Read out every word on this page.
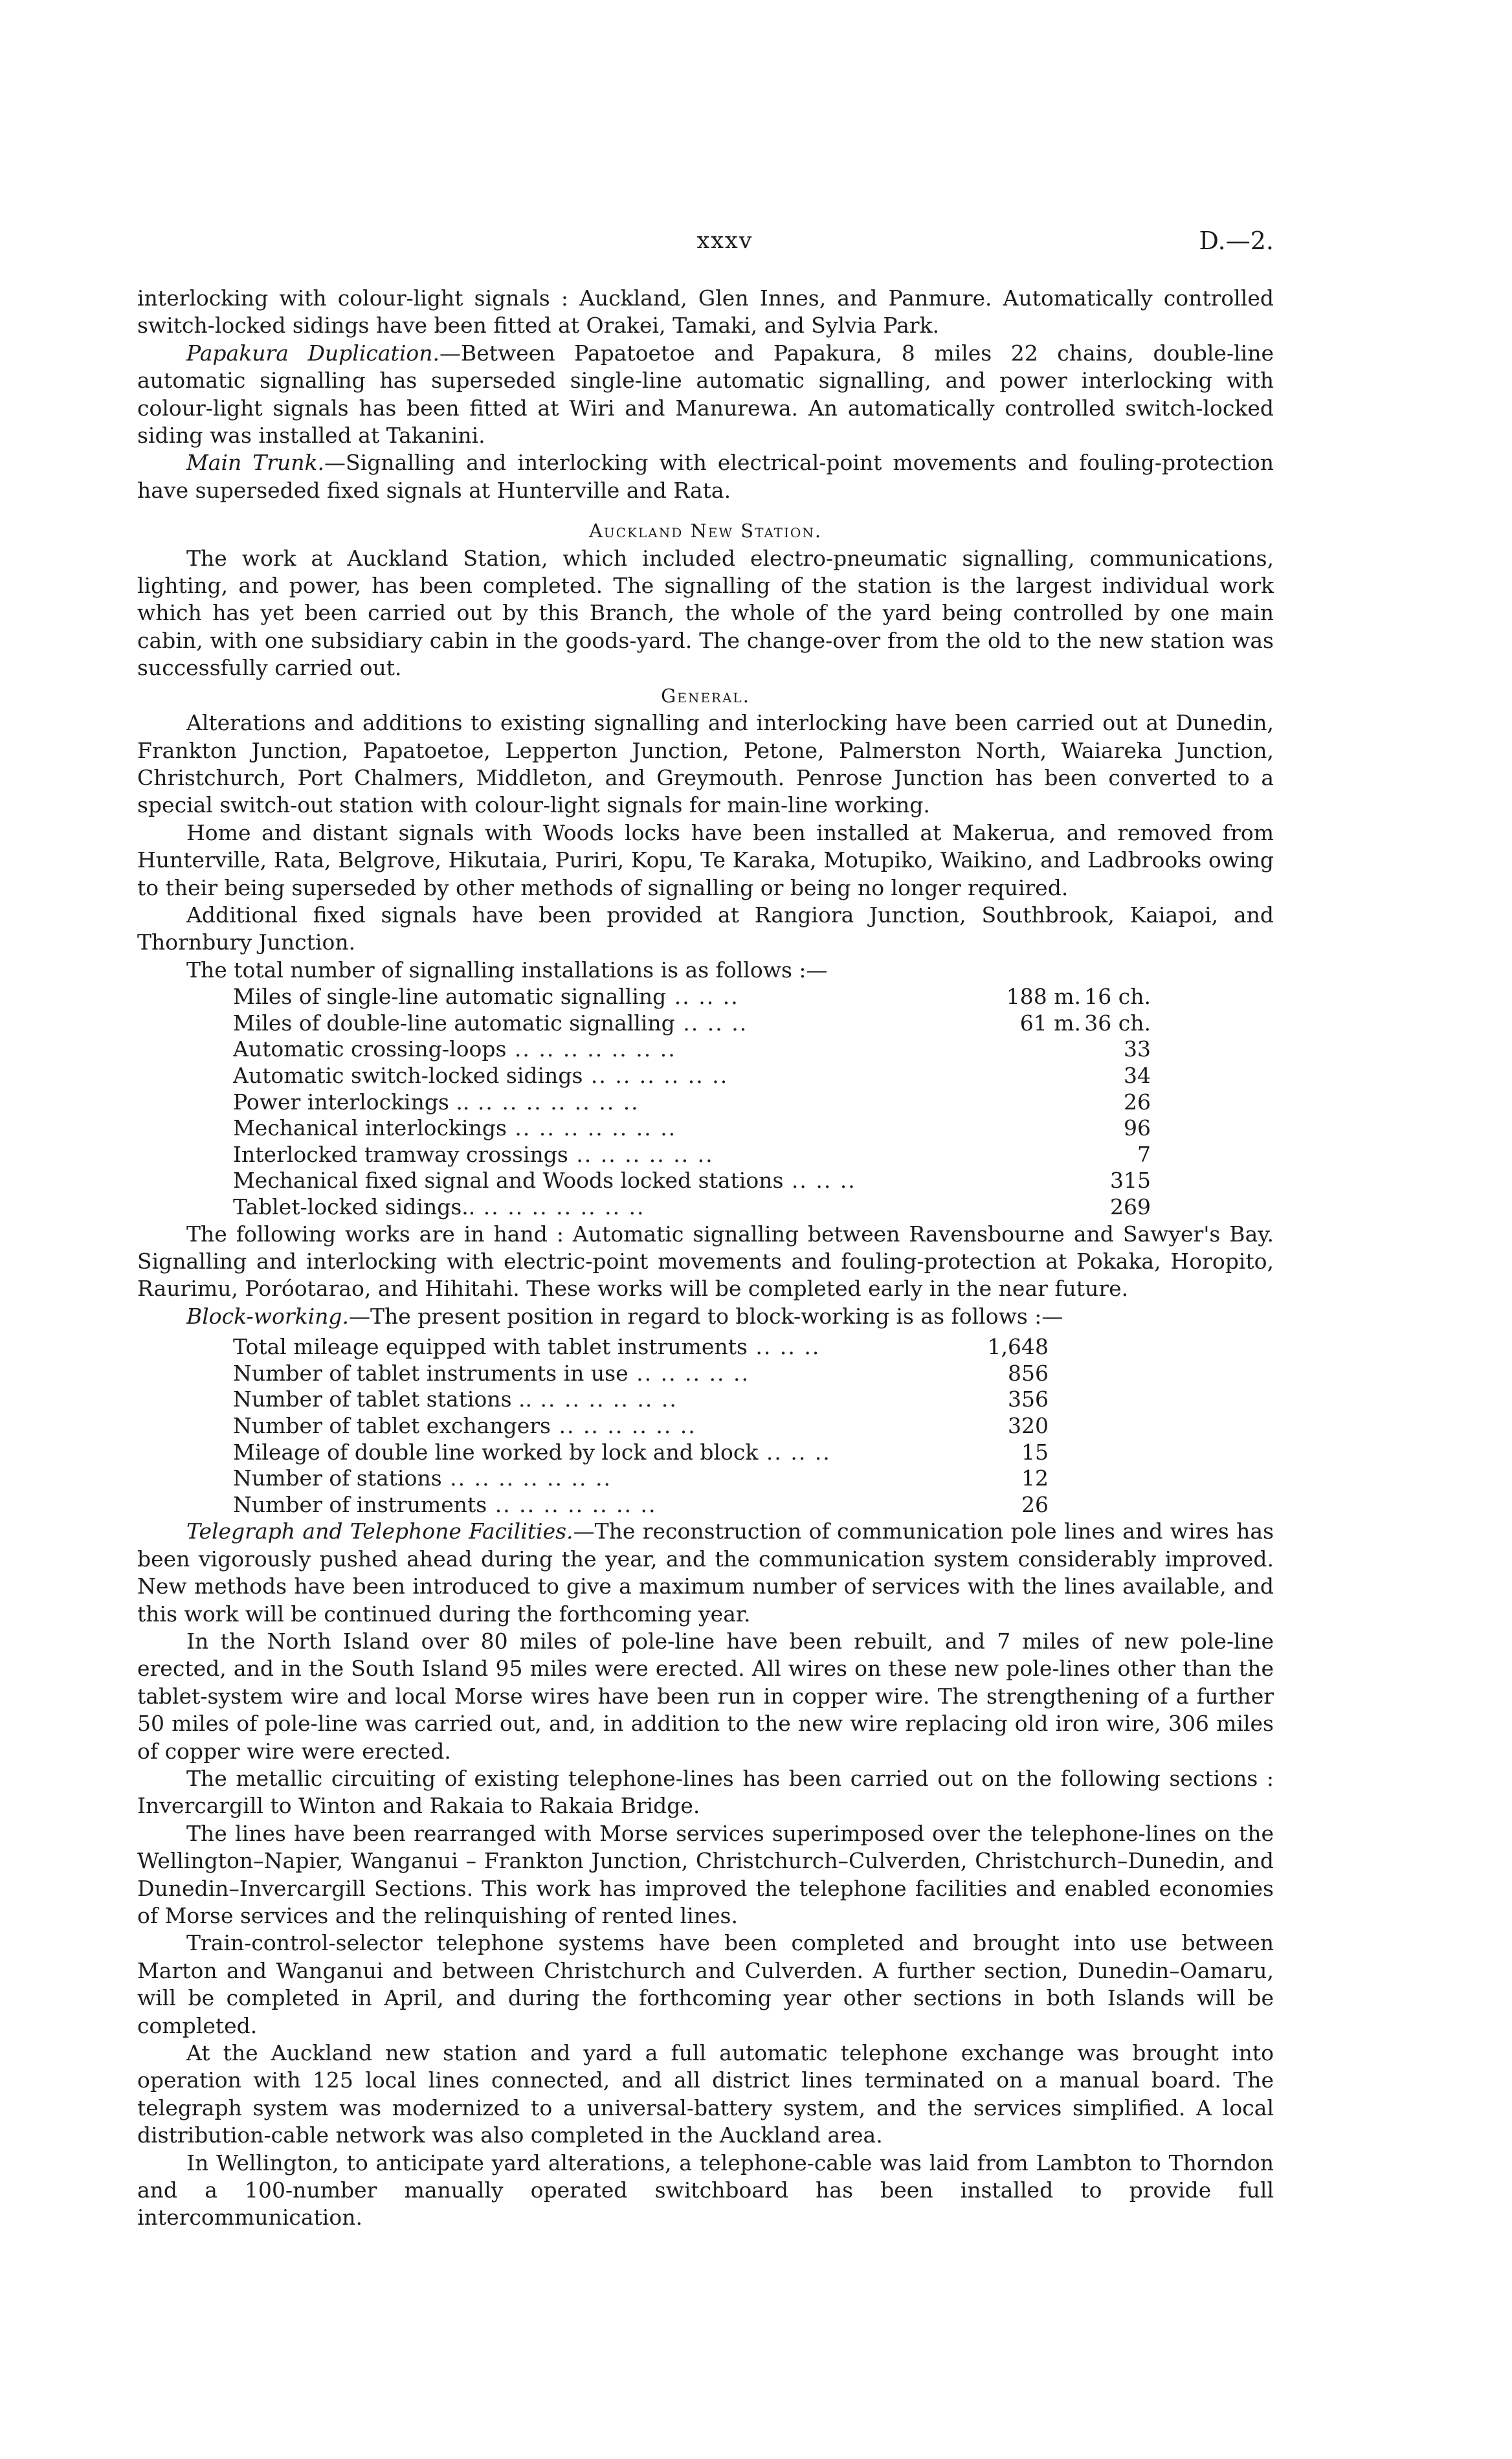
xxxv	D.—2.

interlocking with colour-light signals : Auckland, Glen Innes, and Panmure. Automatically controlled switch-locked sidings have been fitted at Orakei, Tamaki, and Sylvia Park.

Papakura Duplication.—Between Papatoetoe and Papakura, 8 miles 22 chains, double-line automatic signalling has superseded single-line automatic signalling, and power interlocking with colour-light signals has been fitted at Wiri and Manurewa. An automatically controlled switch-locked siding was installed at Takanini.

Main Trunk.—Signalling and interlocking with electrical-point movements and fouling-protection have superseded fixed signals at Hunterville and Rata.

Auckland New Station.

The work at Auckland Station, which included electro-pneumatic signalling, communications, lighting, and power, has been completed. The signalling of the station is the largest individual work which has yet been carried out by this Branch, the whole of the yard being controlled by one main cabin, with one subsidiary cabin in the goods-yard. The change-over from the old to the new station was successfully carried out.

General.

Alterations and additions to existing signalling and interlocking have been carried out at Dunedin, Frankton Junction, Papatoetoe, Lepperton Junction, Petone, Palmerston North, Waiareka Junction, Christchurch, Port Chalmers, Middleton, and Greymouth. Penrose Junction has been converted to a special switch-out station with colour-light signals for main-line working.

Home and distant signals with Woods locks have been installed at Makerua, and removed from Hunterville, Rata, Belgrove, Hikutaia, Puriri, Kopu, Te Karaka, Motupiko, Waikino, and Ladbrooks owing to their being superseded by other methods of signalling or being no longer required.

Additional fixed signals have been provided at Rangiora Junction, Southbrook, Kaiapoi, and Thornbury Junction.

The total number of signalling installations is as follows :—

Miles of single-line automatic signalling .. .. ..	188 m.	16 ch.
Miles of double-line automatic signalling .. .. ..	61 m.	36 ch.
Automatic crossing-loops .. .. .. .. .. .. ..		33
Automatic switch-locked sidings .. .. .. .. .. ..		34
Power interlockings .. .. .. .. .. .. .. ..		26
Mechanical interlockings .. .. .. .. .. .. ..		96
Interlocked tramway crossings .. .. .. .. .. ..		7
Mechanical fixed signal and Woods locked stations .. .. ..		315
Tablet-locked sidings.. .. .. .. .. .. .. ..		269

The following works are in hand : Automatic signalling between Ravensbourne and Sawyer's Bay. Signalling and interlocking with electric-point movements and fouling-protection at Pokaka, Horopito, Raurimu, Poróotarao, and Hihitahi. These works will be completed early in the near future.

Block-working.—The present position in regard to block-working is as follows :—

Total mileage equipped with tablet instruments .. .. ..	1,648
Number of tablet instruments in use .. .. .. .. ..	856
Number of tablet stations .. .. .. .. .. .. ..	356
Number of tablet exchangers .. .. .. .. .. ..	320
Mileage of double line worked by lock and block .. .. ..	15
Number of stations .. .. .. .. .. .. ..	12
Number of instruments .. .. .. .. .. .. ..	26

Telegraph and Telephone Facilities.—The reconstruction of communication pole lines and wires has been vigorously pushed ahead during the year, and the communication system considerably improved. New methods have been introduced to give a maximum number of services with the lines available, and this work will be continued during the forthcoming year.

In the North Island over 80 miles of pole-line have been rebuilt, and 7 miles of new pole-line erected, and in the South Island 95 miles were erected. All wires on these new pole-lines other than the tablet-system wire and local Morse wires have been run in copper wire. The strengthening of a further 50 miles of pole-line was carried out, and, in addition to the new wire replacing old iron wire, 306 miles of copper wire were erected.

The metallic circuiting of existing telephone-lines has been carried out on the following sections : Invercargill to Winton and Rakaia to Rakaia Bridge.

The lines have been rearranged with Morse services superimposed over the telephone-lines on the Wellington–Napier, Wanganui – Frankton Junction, Christchurch–Culverden, Christchurch–Dunedin, and Dunedin–Invercargill Sections. This work has improved the telephone facilities and enabled economies of Morse services and the relinquishing of rented lines.

Train-control-selector telephone systems have been completed and brought into use between Marton and Wanganui and between Christchurch and Culverden. A further section, Dunedin–Oamaru, will be completed in April, and during the forthcoming year other sections in both Islands will be completed.

At the Auckland new station and yard a full automatic telephone exchange was brought into operation with 125 local lines connected, and all district lines terminated on a manual board. The telegraph system was modernized to a universal-battery system, and the services simplified. A local distribution-cable network was also completed in the Auckland area.

In Wellington, to anticipate yard alterations, a telephone-cable was laid from Lambton to Thorndon and a 100-number manually operated switchboard has been installed to provide full intercommunication.
